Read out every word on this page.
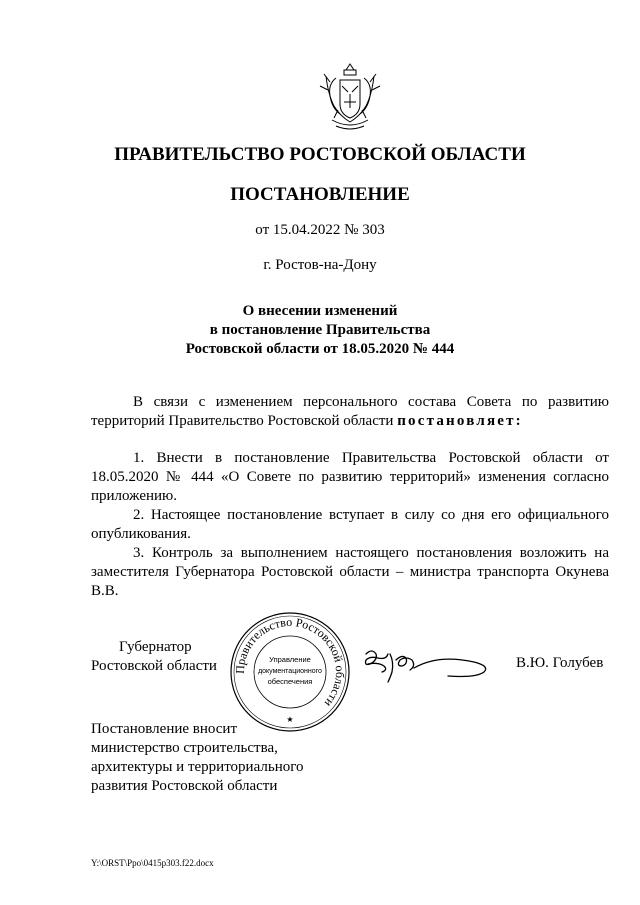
ПРАВИТЕЛЬСТВО РОСТОВСКОЙ ОБЛАСТИ
ПОСТАНОВЛЕНИЕ
от 15.04.2022 № 303
г. Ростов-на-Дону
О внесении изменений
в постановление Правительства
Ростовской области от 18.05.2020 № 444
В связи с изменением персонального состава Совета по развитию территорий Правительство Ростовской области постановляет:

1. Внести в постановление Правительства Ростовской области от 18.05.2020 № 444 «О Совете по развитию территорий» изменения согласно приложению.

2. Настоящее постановление вступает в силу со дня его официального опубликования.

3. Контроль за выполнением настоящего постановления возложить на заместителя Губернатора Ростовской области – министра транспорта Окунева В.В.

Губернатор
Ростовской области Правительство Ростовской области
Управление
документационного
обеспечения
★
В.Ю. Голубев
Постановление вносит
министерство строительства,
архитектуры и территориального
развития Ростовской области
Y:\ORST\Ppo\0415p303.f22.docx
